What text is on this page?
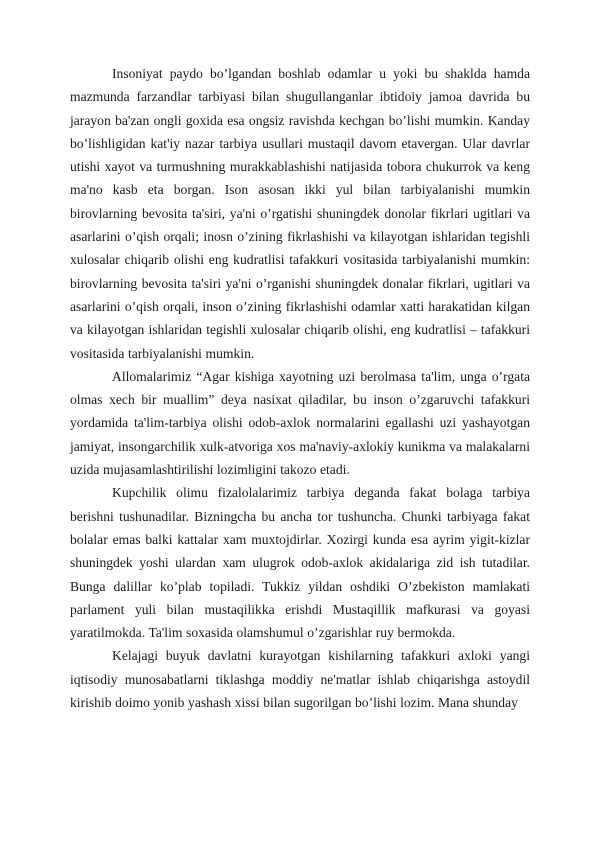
Insoniyat paydo bo’lgandan boshlab odamlar u yoki bu shaklda hamda mazmunda farzandlar tarbiyasi bilan shugullanganlar ibtidoiy jamoa davrida bu jarayon ba'zan ongli goxida esa ongsiz ravishda kechgan bo’lishi mumkin. Kanday bo’lishligidan kat'iy nazar tarbiya usullari mustaqil davom etavergan. Ular davrlar utishi xayot va turmushning murakkablashishi natijasida tobora chukurrok va keng ma'no kasb eta borgan. Ison asosan ikki yul bilan tarbiyalanishi mumkin birovlarning bevosita ta'siri, ya'ni o’rgatishi shuningdek donolar fikrlari ugitlari va asarlarini o’qish orqali; inosn o’zining fikrlashishi va kilayotgan ishlaridan tegishli xulosalar chiqarib olishi eng kudratlisi tafakkuri vositasida tarbiyalanishi mumkin: birovlarning bevosita ta'siri ya'ni o’rganishi shuningdek donalar fikrlari, ugitlari va asarlarini o’qish orqali, inson o’zining fikrlashishi odamlar xatti harakatidan kilgan va kilayotgan ishlaridan tegishli xulosalar chiqarib olishi, eng kudratlisi – tafakkuri vositasida tarbiyalanishi mumkin.

Allomalarimiz “Agar kishiga xayotning uzi berolmasa ta'lim, unga o’rgata olmas xech bir muallim” deya nasixat qiladilar, bu inson o’zgaruvchi tafakkuri yordamida ta'lim-tarbiya olishi odob-axlok normalarini egallashi uzi yashayotgan jamiyat, insongarchilik xulk-atvoriga xos ma'naviy-axlokiy kunikma va malakalarni uzida mujasamlashtirilishi lozimligini takozo etadi.

Kupchilik olimu fizalolalarimiz tarbiya deganda fakat bolaga tarbiya berishni tushunadilar. Bizningcha bu ancha tor tushuncha. Chunki tarbiyaga fakat bolalar emas balki kattalar xam muxtojdirlar. Xozirgi kunda esa ayrim yigit-kizlar shuningdek yoshi ulardan xam ulugrok odob-axlok akidalariga zid ish tutadilar. Bunga dalillar ko’plab topiladi. Tukkiz yildan oshdiki O’zbekiston mamlakati parlament yuli bilan mustaqilikka erishdi Mustaqillik mafkurasi va goyasi yaratilmokda. Ta'lim soxasida olamshumul o’zgarishlar ruy bermokda.

Kelajagi buyuk davlatni kurayotgan kishilarning tafakkuri axloki yangi iqtisodiy munosabatlarni tiklashga moddiy ne'matlar ishlab chiqarishga astoydil kirishib doimo yonib yashash xissi bilan sugorilgan bo’lishi lozim. Mana shunday
